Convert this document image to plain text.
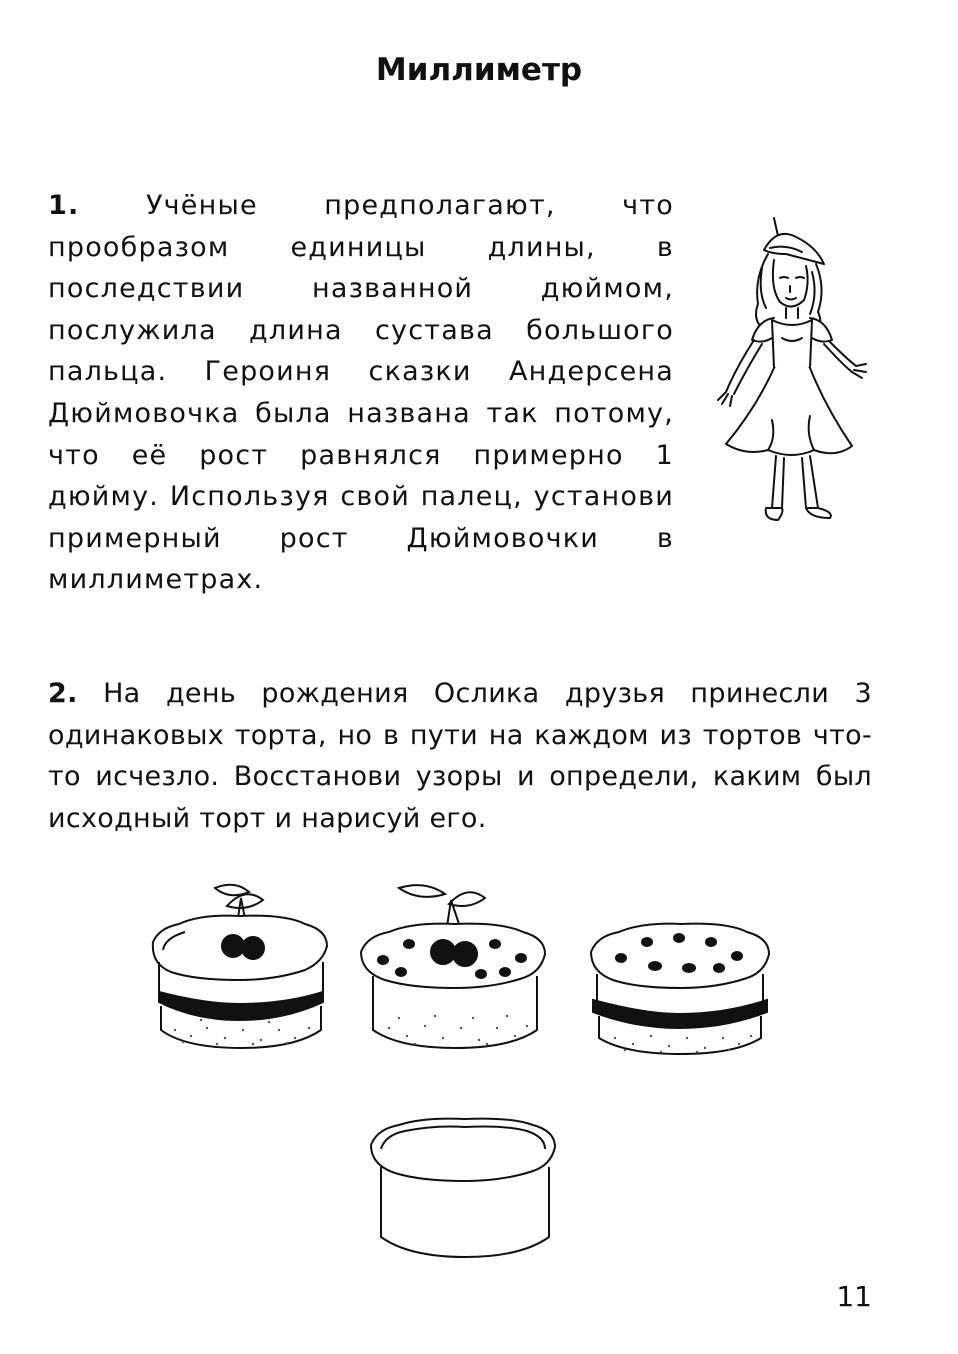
Миллиметр
1. Учёные предполагают, что прообразом единицы длины, в последствии названной дюймом, послужила длина сустава большого пальца. Героиня сказки Андерсена Дюймовочка была названа так потому, что её рост равнялся примерно 1 дюйму. Используя свой палец, установи примерный рост Дюймовочки в миллиметрах.
2. На день рождения Ослика друзья принесли 3 одинаковых торта, но в пути на каждом из тортов что-то исчезло. Восстанови узоры и определи, каким был исходный торт и нарисуй его.
11
